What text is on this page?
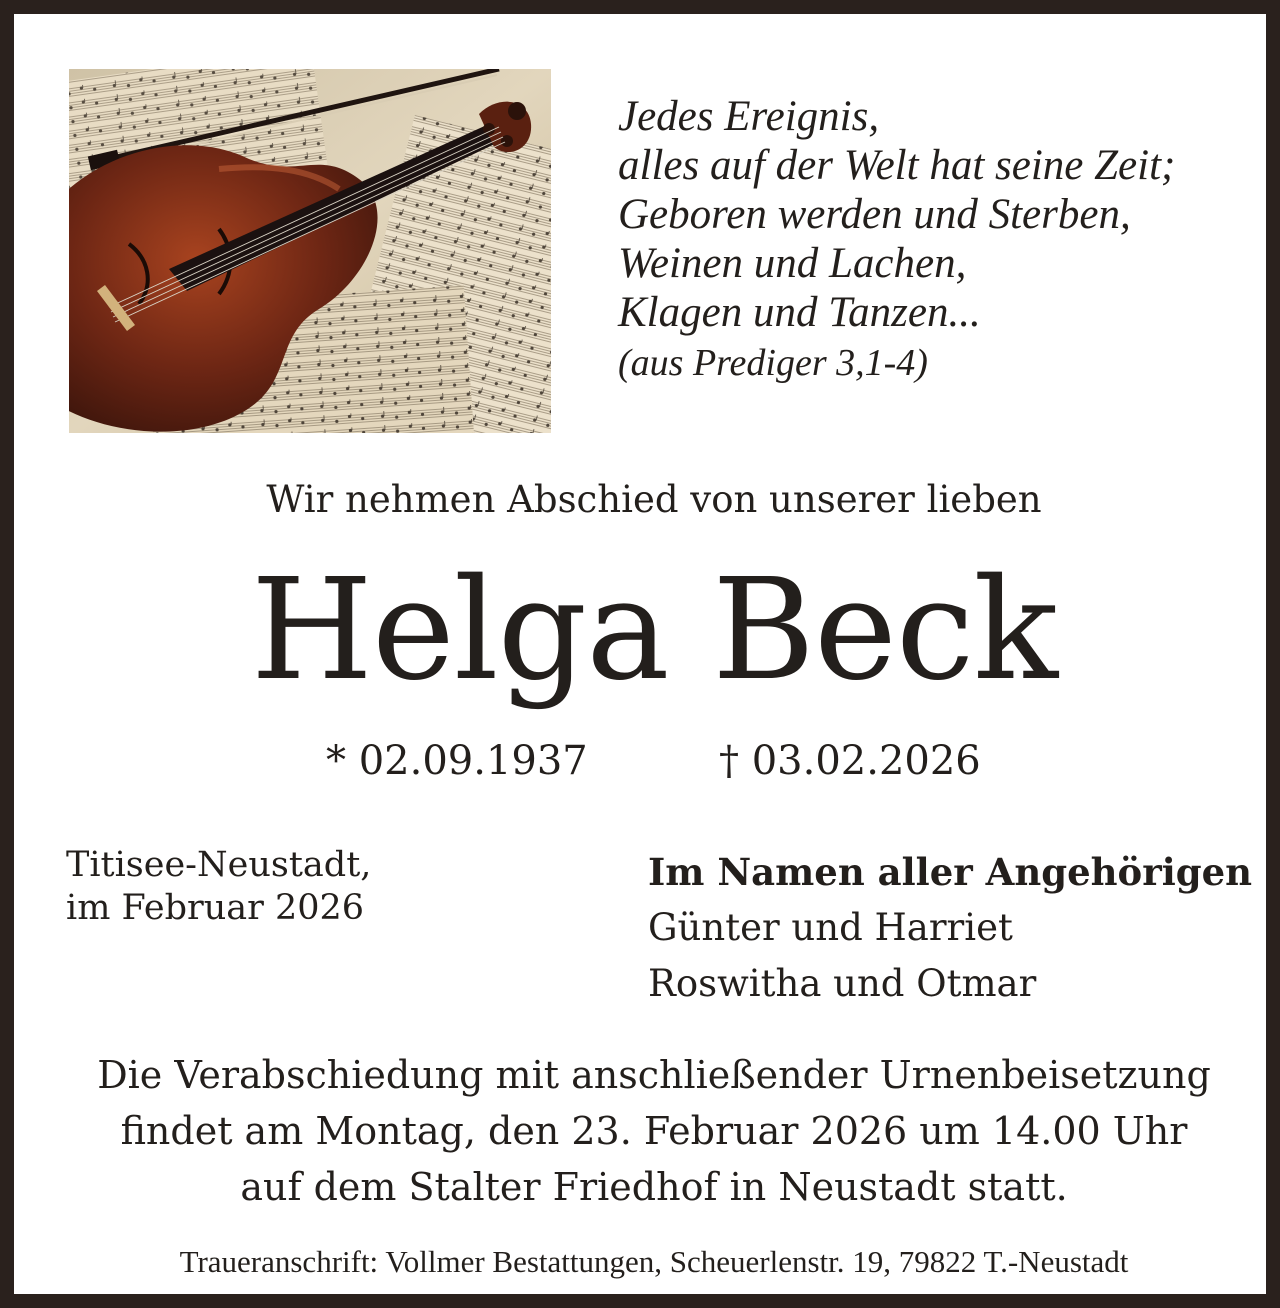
Jedes Ereignis,
alles auf der Welt hat seine Zeit;
Geboren werden und Sterben,
Weinen und Lachen,
Klagen und Tanzen...
(aus Prediger 3,1-4)
Wir nehmen Abschied von unserer lieben
Helga Beck
* 02.09.1937	† 03.02.2026
Titisee-Neustadt,
im Februar 2026
Im Namen aller Angehörigen
Günter und Harriet
Roswitha und Otmar
Die Verabschiedung mit anschließender Urnenbeisetzung
findet am Montag, den 23. Februar 2026 um 14.00 Uhr
auf dem Stalter Friedhof in Neustadt statt.
Traueranschrift: Vollmer Bestattungen, Scheuerlenstr. 19, 79822 T.-Neustadt
